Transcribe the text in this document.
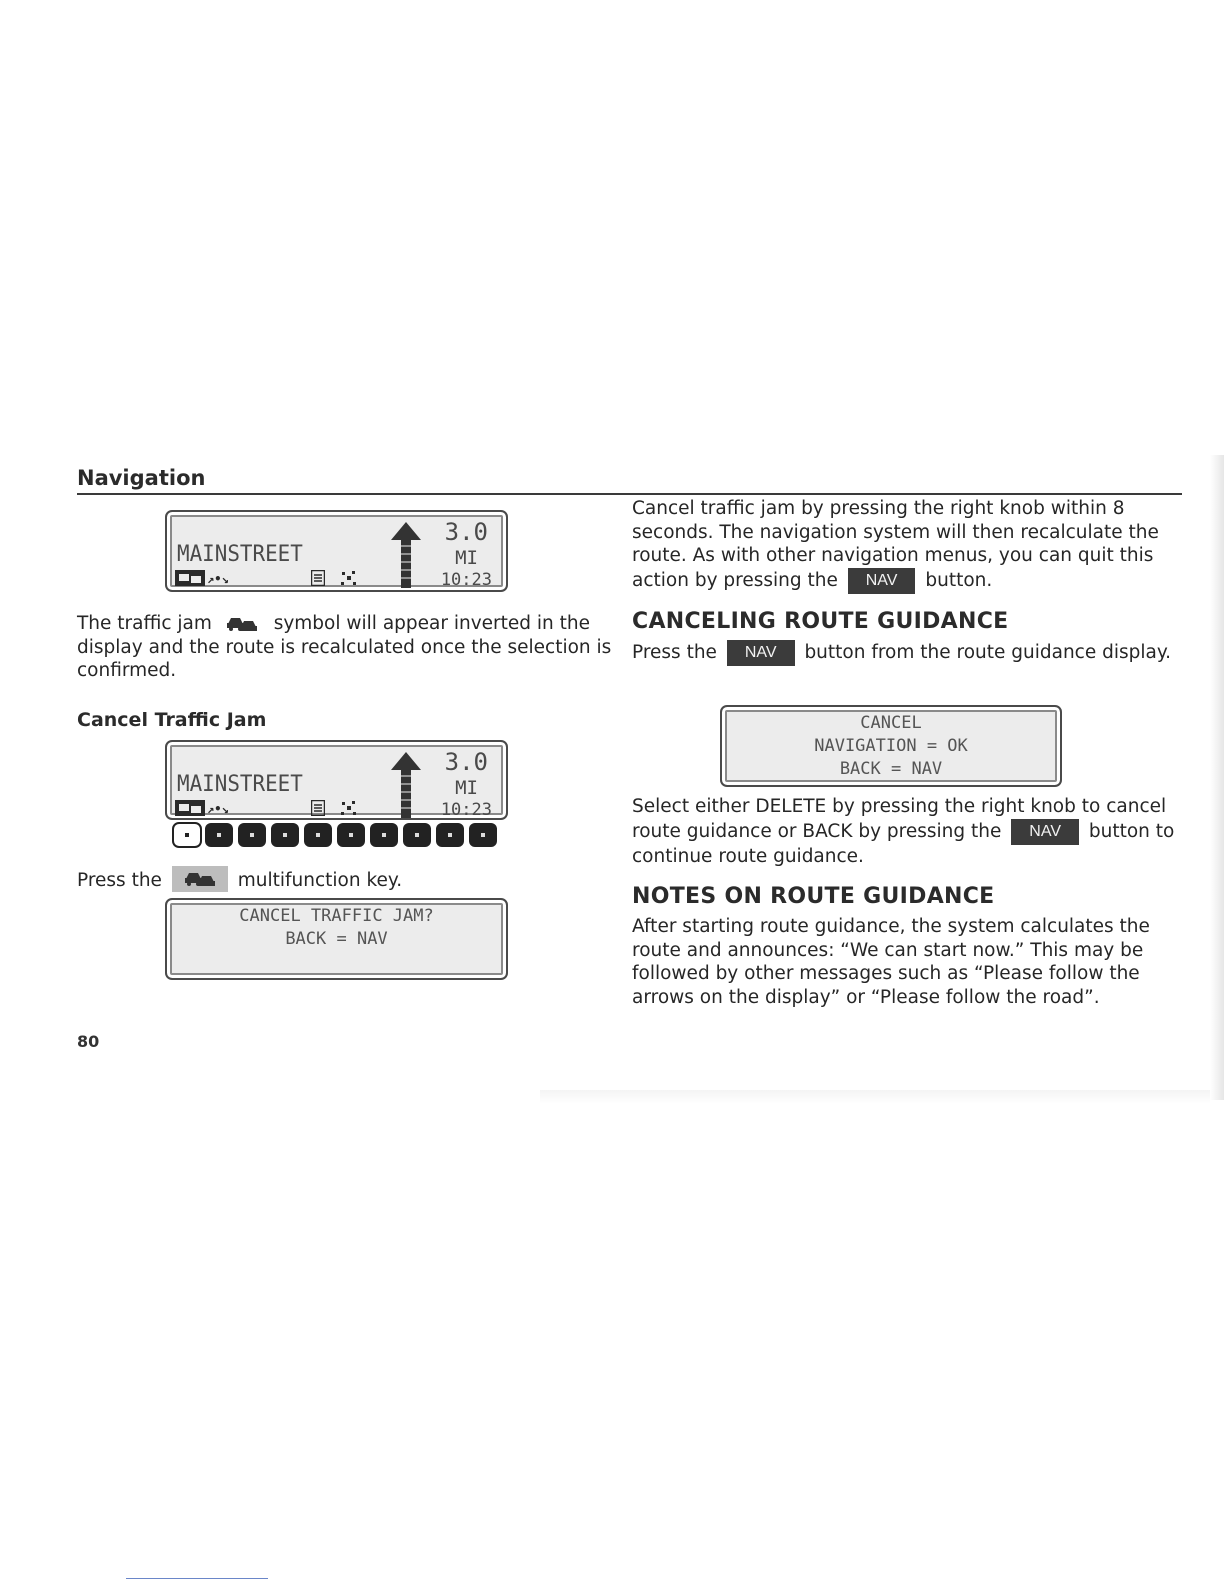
Navigation
MAINSTREET
3.0
MI
10:23
↗•↘

The traffic jam	symbol will appear inverted in the display and the route is recalculated once the selection is confirmed.

Cancel Traffic Jam
MAINSTREET
3.0
MI
10:23
↗•↘

Press the	multifunction key.

CANCEL TRAFFIC JAM?
BACK = NAV
80

Cancel traffic jam by pressing the right knob within 8 seconds. The navigation system will then recalculate the route. As with other navigation menus, you can quit this action by pressing the NAV button.

CANCELING ROUTE GUIDANCE

Press the NAV button from the route guidance display.

CANCEL
NAVIGATION = OK
BACK = NAV

Select either DELETE by pressing the right knob to cancel route guidance or BACK by pressing the NAV button to continue route guidance.

NOTES ON ROUTE GUIDANCE

After starting route guidance, the system calculates the route and announces: “We can start now.” This may be followed by other messages such as “Please follow the arrows on the display” or “Please follow the road”.
